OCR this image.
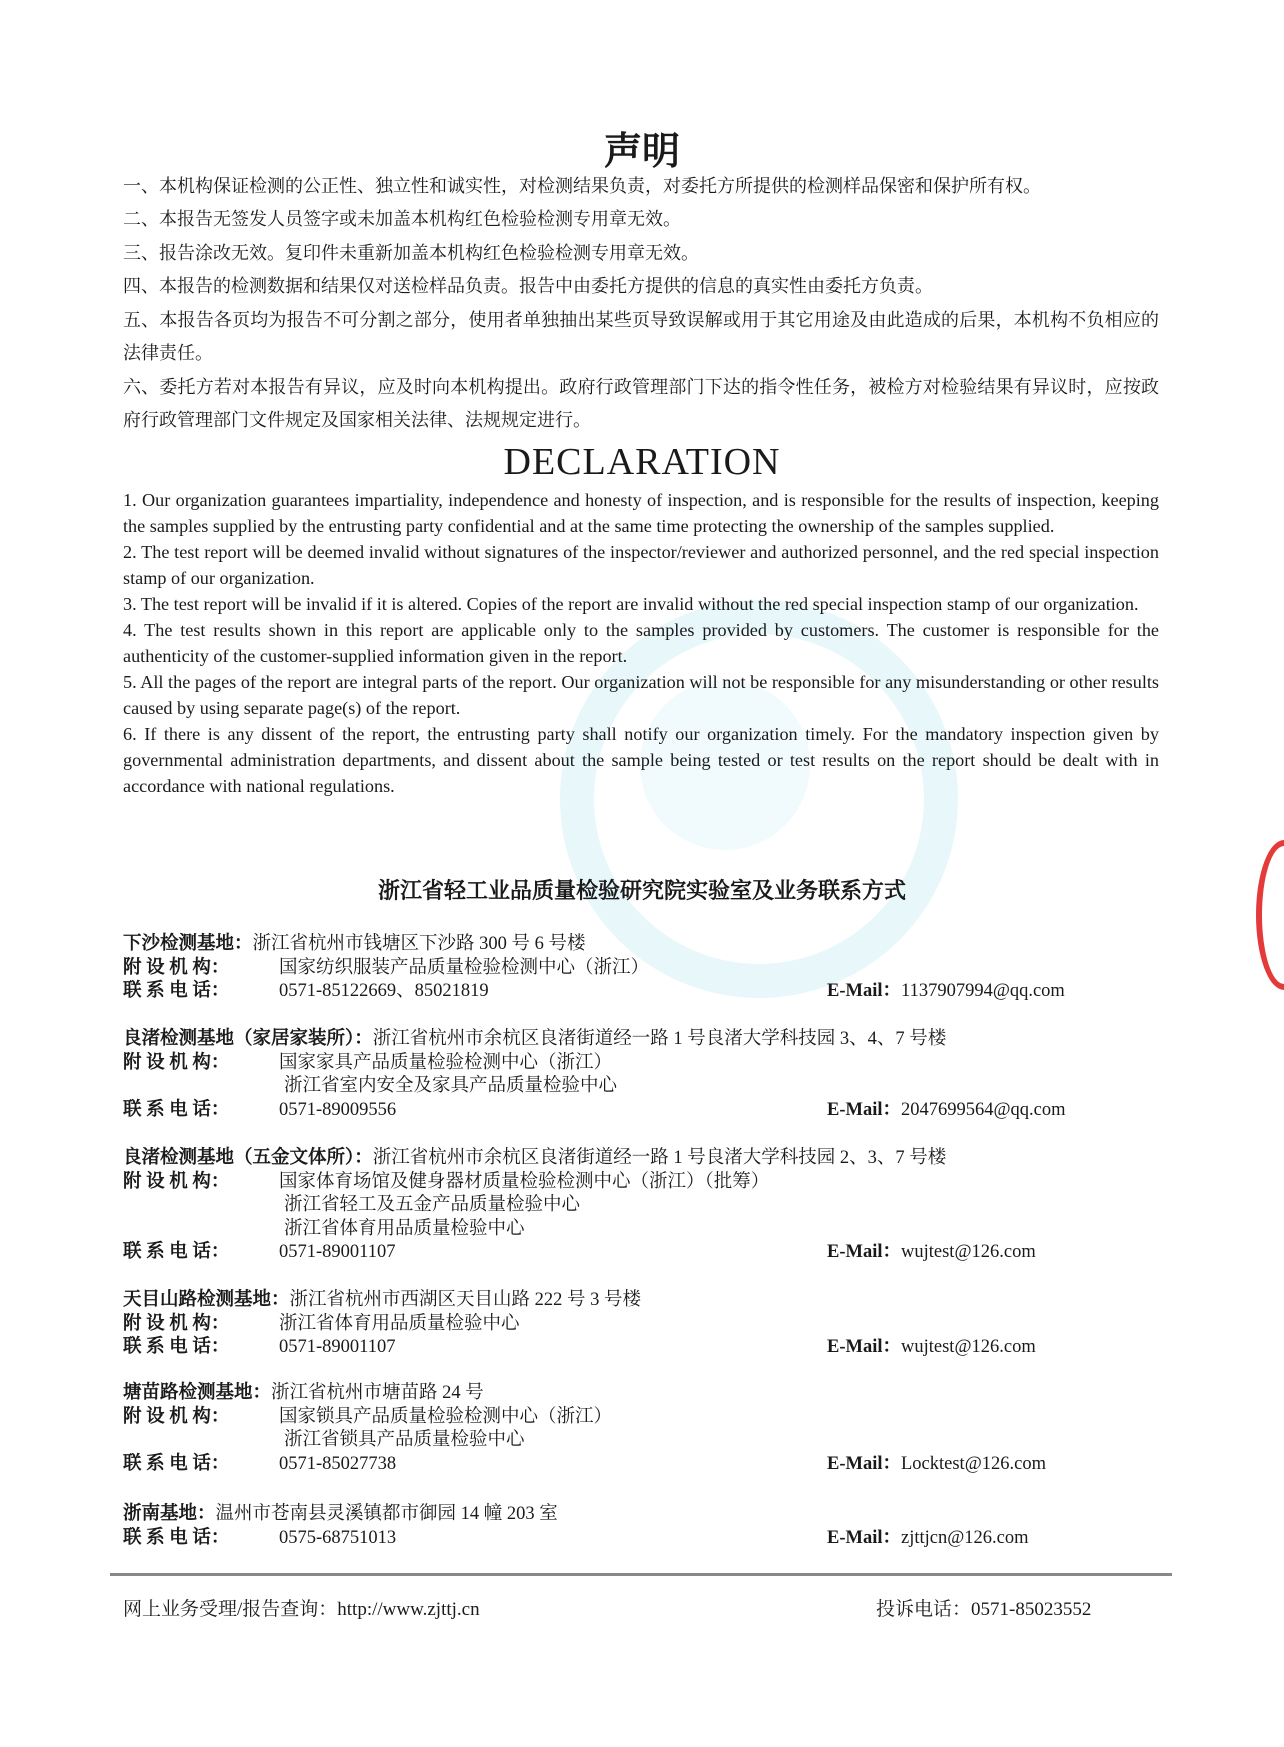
声明
一、本机构保证检测的公正性、独立性和诚实性，对检测结果负责，对委托方所提供的检测样品保密和保护所有权。
二、本报告无签发人员签字或未加盖本机构红色检验检测专用章无效。
三、报告涂改无效。复印件未重新加盖本机构红色检验检测专用章无效。
四、本报告的检测数据和结果仅对送检样品负责。报告中由委托方提供的信息的真实性由委托方负责。
五、本报告各页均为报告不可分割之部分，使用者单独抽出某些页导致误解或用于其它用途及由此造成的后果，本机构不负相应的法律责任。
六、委托方若对本报告有异议，应及时向本机构提出。政府行政管理部门下达的指令性任务，被检方对检验结果有异议时，应按政府行政管理部门文件规定及国家相关法律、法规规定进行。
DECLARATION

1. Our organization guarantees impartiality, independence and honesty of inspection, and is responsible for the results of inspection, keeping the samples supplied by the entrusting party confidential and at the same time protecting the ownership of the samples supplied.

2. The test report will be deemed invalid without signatures of the inspector/reviewer and authorized personnel, and the red special inspection stamp of our organization.

3. The test report will be invalid if it is altered. Copies of the report are invalid without the red special inspection stamp of our organization.

4. The test results shown in this report are applicable only to the samples provided by customers. The customer is responsible for the authenticity of the customer-supplied information given in the report.

5. All the pages of the report are integral parts of the report. Our organization will not be responsible for any misunderstanding or other results caused by using separate page(s) of the report.

6. If there is any dissent of the report, the entrusting party shall notify our organization timely. For the mandatory inspection given by governmental administration departments, and dissent about the sample being tested or test results on the report should be dealt with in accordance with national regulations.

浙江省轻工业品质量检验研究院实验室及业务联系方式
下沙检测基地：浙江省杭州市钱塘区下沙路 300 号 6 号楼
附 设 机 构：	国家纺织服装产品质量检验检测中心（浙江）
联 系 电 话：	0571-85122669、85021819	E-Mail：1137907994@qq.com
良渚检测基地（家居家装所）：浙江省杭州市余杭区良渚街道经一路 1 号良渚大学科技园 3、4、7 号楼
附 设 机 构：	国家家具产品质量检验检测中心（浙江）
浙江省室内安全及家具产品质量检验中心
联 系 电 话：	0571-89009556	E-Mail：2047699564@qq.com
良渚检测基地（五金文体所）：浙江省杭州市余杭区良渚街道经一路 1 号良渚大学科技园 2、3、7 号楼
附 设 机 构：	国家体育场馆及健身器材质量检验检测中心（浙江）（批筹）
浙江省轻工及五金产品质量检验中心
浙江省体育用品质量检验中心
联 系 电 话：	0571-89001107	E-Mail：wujtest@126.com
天目山路检测基地：浙江省杭州市西湖区天目山路 222 号 3 号楼
附 设 机 构：	浙江省体育用品质量检验中心
联 系 电 话：	0571-89001107	E-Mail：wujtest@126.com
塘苗路检测基地：浙江省杭州市塘苗路 24 号
附 设 机 构：	国家锁具产品质量检验检测中心（浙江）
浙江省锁具产品质量检验中心
联 系 电 话：	0571-85027738	E-Mail：Locktest@126.com
浙南基地：温州市苍南县灵溪镇都市御园 14 幢 203 室
联 系 电 话：	0575-68751013	E-Mail：zjttjcn@126.com
网上业务受理/报告查询：http://www.zjttj.cn	投诉电话：0571-85023552
